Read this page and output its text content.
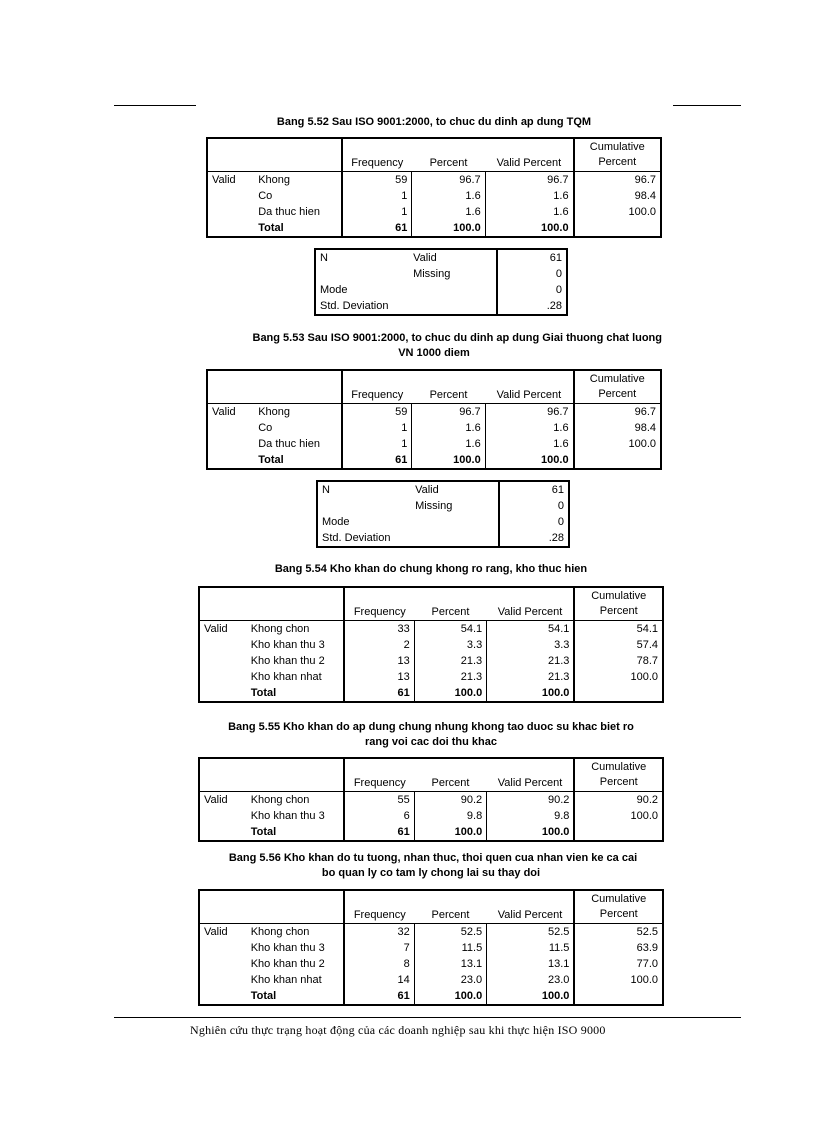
Bang 5.52 Sau ISO 9001:2000, to chuc du dinh ap dung TQM
		Frequency	Percent	Valid Percent	Cumulative
Percent
Valid	Khong	59	96.7	96.7	96.7
	Co	1	1.6	1.6	98.4
	Da thuc hien	1	1.6	1.6	100.0
	Total	61	100.0	100.0	
N	Valid	61
	Missing	0
Mode		0
Std. Deviation		.28
Bang 5.53 Sau ISO 9001:2000, to chuc du dinh ap dung Giai thuong chat luong
VN 1000 diem
		Frequency	Percent	Valid Percent	Cumulative
Percent
Valid	Khong	59	96.7	96.7	96.7
	Co	1	1.6	1.6	98.4
	Da thuc hien	1	1.6	1.6	100.0
	Total	61	100.0	100.0	
N	Valid	61
	Missing	0
Mode		0
Std. Deviation		.28
Bang 5.54 Kho khan do chung khong ro rang, kho thuc hien
		Frequency	Percent	Valid Percent	Cumulative
Percent
Valid	Khong chon	33	54.1	54.1	54.1
	Kho khan thu 3	2	3.3	3.3	57.4
	Kho khan thu 2	13	21.3	21.3	78.7
	Kho khan nhat	13	21.3	21.3	100.0
	Total	61	100.0	100.0	
Bang 5.55 Kho khan do ap dung chung nhung khong tao duoc su khac biet ro
rang voi cac doi thu khac
		Frequency	Percent	Valid Percent	Cumulative
Percent
Valid	Khong chon	55	90.2	90.2	90.2
	Kho khan thu 3	6	9.8	9.8	100.0
	Total	61	100.0	100.0	
Bang 5.56 Kho khan do tu tuong, nhan thuc, thoi quen cua nhan vien ke ca cai
bo quan ly co tam ly chong lai su thay doi
		Frequency	Percent	Valid Percent	Cumulative
Percent
Valid	Khong chon	32	52.5	52.5	52.5
	Kho khan thu 3	7	11.5	11.5	63.9
	Kho khan thu 2	8	13.1	13.1	77.0
	Kho khan nhat	14	23.0	23.0	100.0
	Total	61	100.0	100.0	
Nghiên cứu thực trạng hoạt động của các doanh nghiệp sau khi thực hiện ISO 9000
